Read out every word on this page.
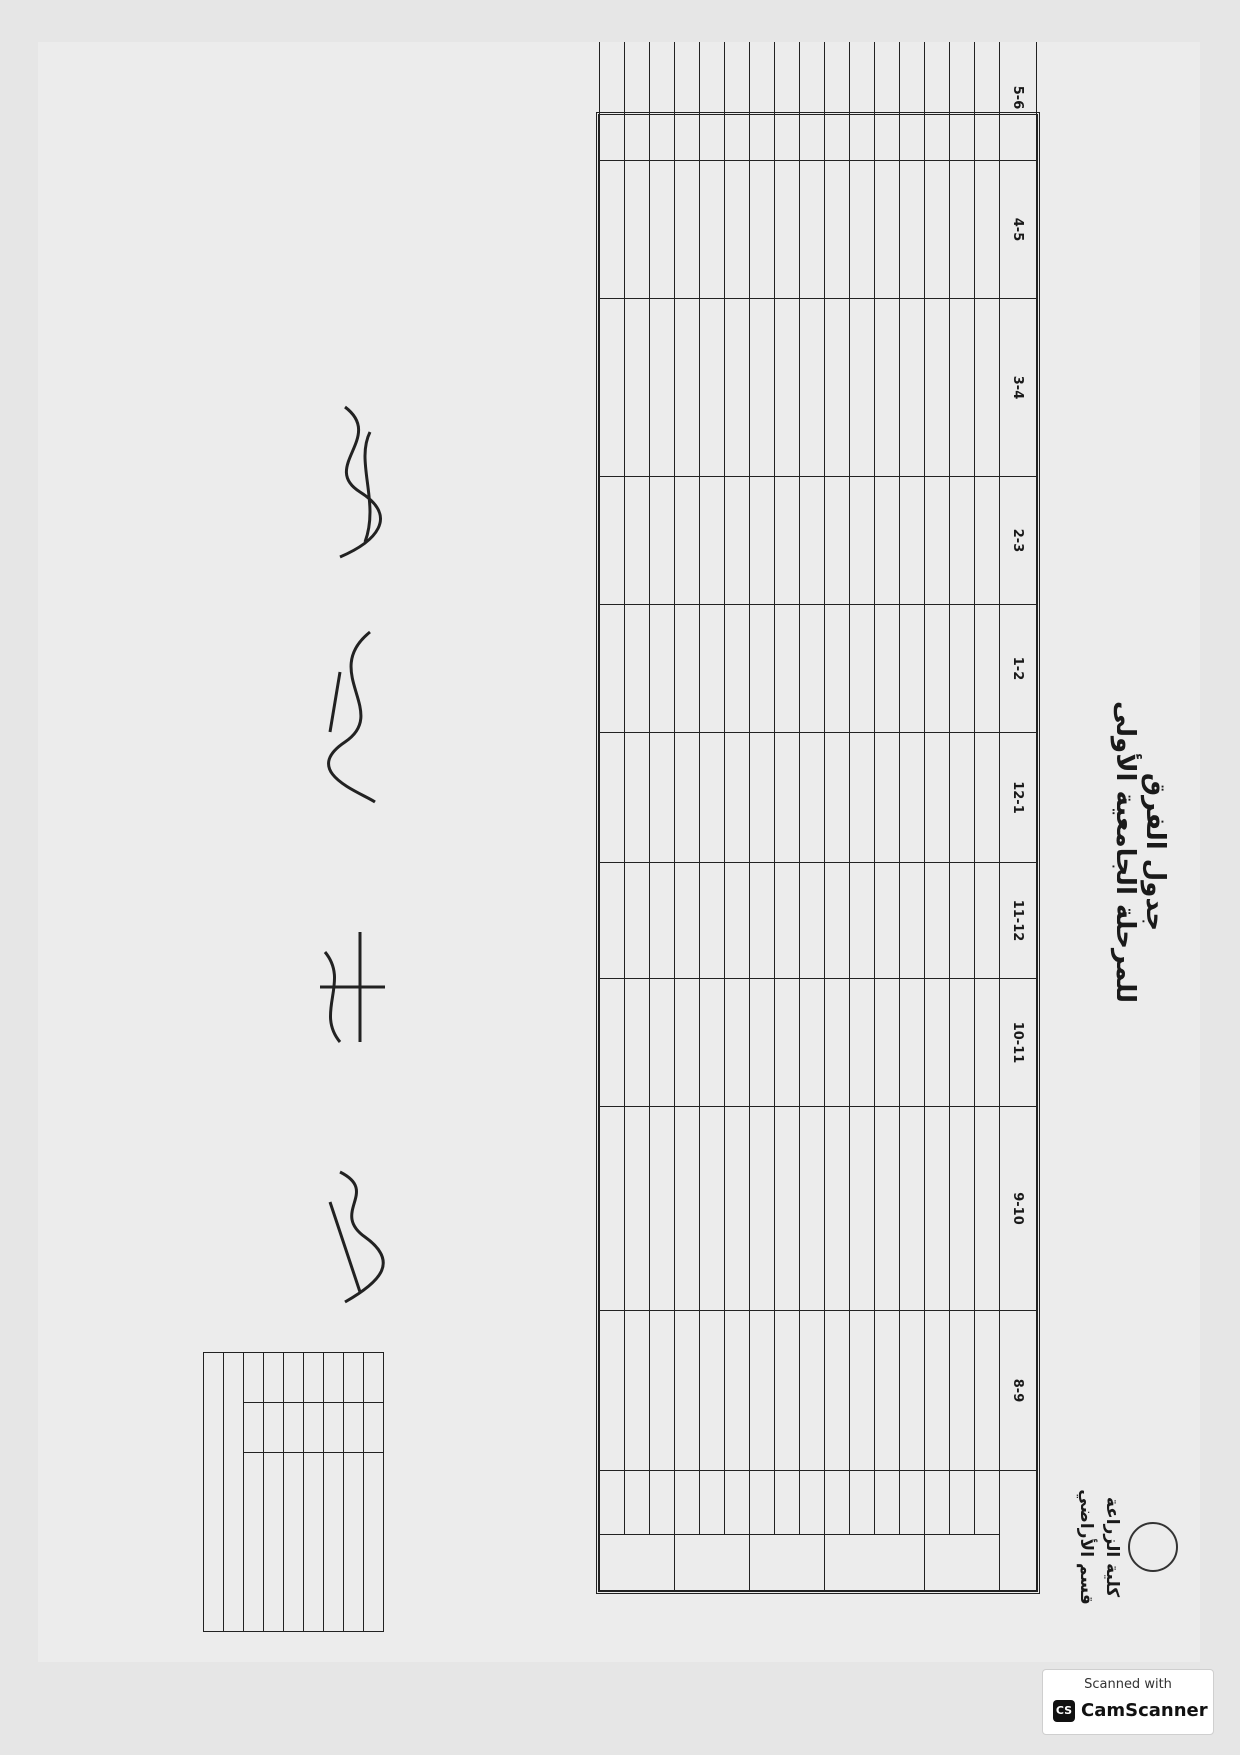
كلية الزراعة
قسم الأراضي
جدول الفرق
للمرحلة الجامعية الأولى
		8-9	9-10	10-11	11-12	12-1	1-2	2-3	3-4	4-5	5-6

Scanned with
CS CamScanner
